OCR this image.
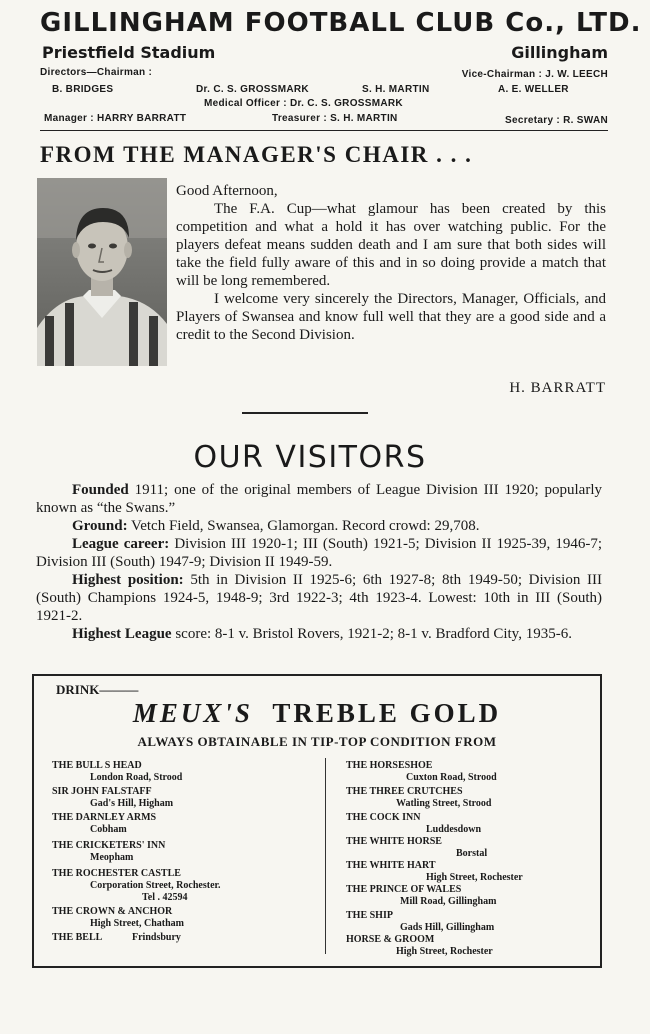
GILLINGHAM FOOTBALL CLUB Co., LTD.
Priestfield Stadium	Gillingham
Directors—Chairman :	Vice-Chairman : J. W. LEECH
B. BRIDGES	Dr. C. S. GROSSMARK	S. H. MARTIN	A. E. WELLER
Medical Officer : Dr. C. S. GROSSMARK
Manager : HARRY BARRATT	Treasurer : S. H. MARTIN	Secretary : R. SWAN
FROM THE MANAGER'S CHAIR . . .

Good Afternoon,

The F.A. Cup—what glamour has been created by this competition and what a hold it has over watching public. For the players defeat means sudden death and I am sure that both sides will take the field fully aware of this and in so doing provide a match that will be long remembered.

I welcome very sincerely the Directors, Manager, Officials, and Players of Swansea and know full well that they are a good side and a credit to the Second Division.

H. BARRATT
OUR VISITORS

Founded 1911; one of the original members of League Division III 1920; popularly known as “the Swans.”

Ground: Vetch Field, Swansea, Glamorgan. Record crowd: 29,708.

League career: Division III 1920-1; III (South) 1921-5; Division II 1925-39, 1946-7; Division III (South) 1947-9; Division II 1949-59.

Highest position: 5th in Division II 1925-6; 6th 1927-8; 8th 1949-50; Division III (South) Champions 1924-5, 1948-9; 3rd 1922-3; 4th 1923-4. Lowest: 10th in III (South) 1921-2.

Highest League score: 8-1 v. Bristol Rovers, 1921-2; 8-1 v. Bradford City, 1935-6.

DRINK———
MEUX'S TREBLE GOLD
ALWAYS OBTAINABLE IN TIP-TOP CONDITION FROM
THE BULL S HEAD
London Road, Strood
SIR JOHN FALSTAFF
Gad's Hill, Higham
THE DARNLEY ARMS
Cobham
THE CRICKETERS' INN
Meopham
THE ROCHESTER CASTLE
Corporation Street, Rochester.
Tel . 42594
THE CROWN & ANCHOR
High Street, Chatham
THE BELL	Frindsbury
THE HORSESHOE
Cuxton Road, Strood
THE THREE CRUTCHES
Watling Street, Strood
THE COCK INN
Luddesdown
THE WHITE HORSE
Borstal
THE WHITE HART
High Street, Rochester
THE PRINCE OF WALES
Mill Road, Gillingham
THE SHIP
Gads Hill, Gillingham
HORSE & GROOM
High Street, Rochester
